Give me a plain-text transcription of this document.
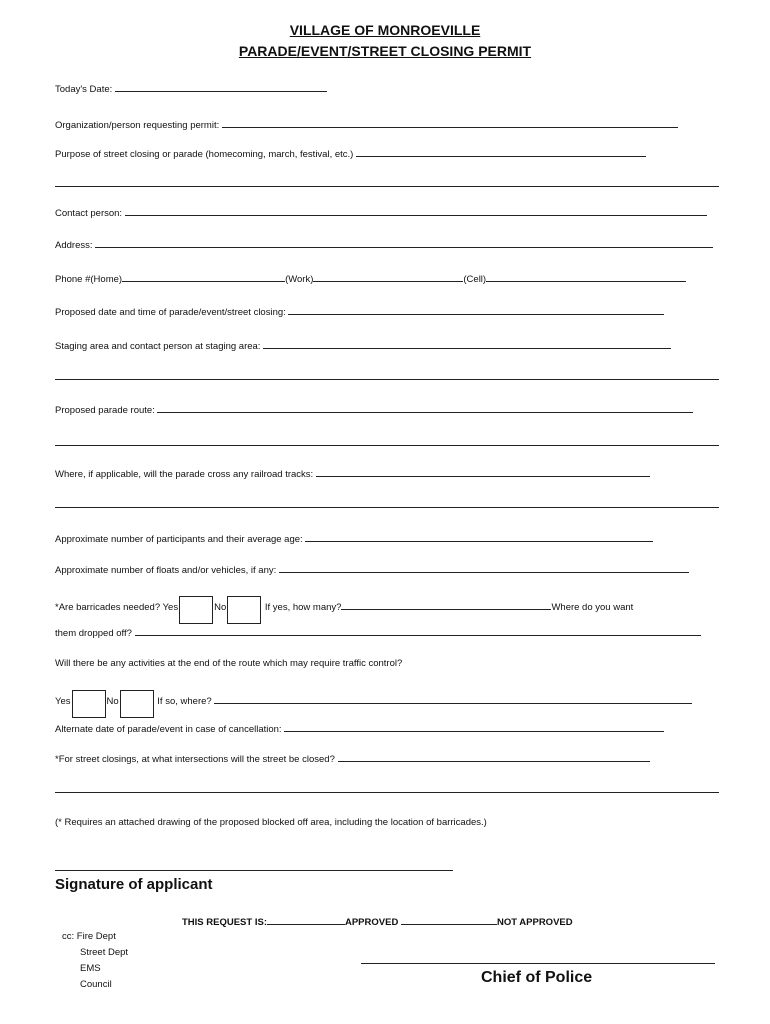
VILLAGE OF MONROEVILLE
PARADE/EVENT/STREET CLOSING PERMIT
Today's Date:
Organization/person requesting permit:
Purpose of street closing or parade (homecoming, march, festival, etc.)
Contact person:
Address:
Phone #(Home)	(Work)	(Cell)
Proposed date and time of parade/event/street closing:
Staging area and contact person at staging area:
Proposed parade route:
Where, if applicable, will the parade cross any railroad tracks:
Approximate number of participants and their average age:
Approximate number of floats and/or vehicles, if any:
*Are barricades needed? Yes	No	If yes, how many?	Where do you want
them dropped off?
Will there be any activities at the end of the route which may require traffic control?
Yes	No	If so, where?
Alternate date of parade/event in case of cancellation:
*For street closings, at what intersections will the street be closed?
(* Requires an attached drawing of the proposed blocked off area, including the location of barricades.)
Signature of applicant
THIS REQUEST IS:	APPROVED	NOT APPROVED
cc: Fire Dept
Street Dept
EMS
Council	Chief of Police
